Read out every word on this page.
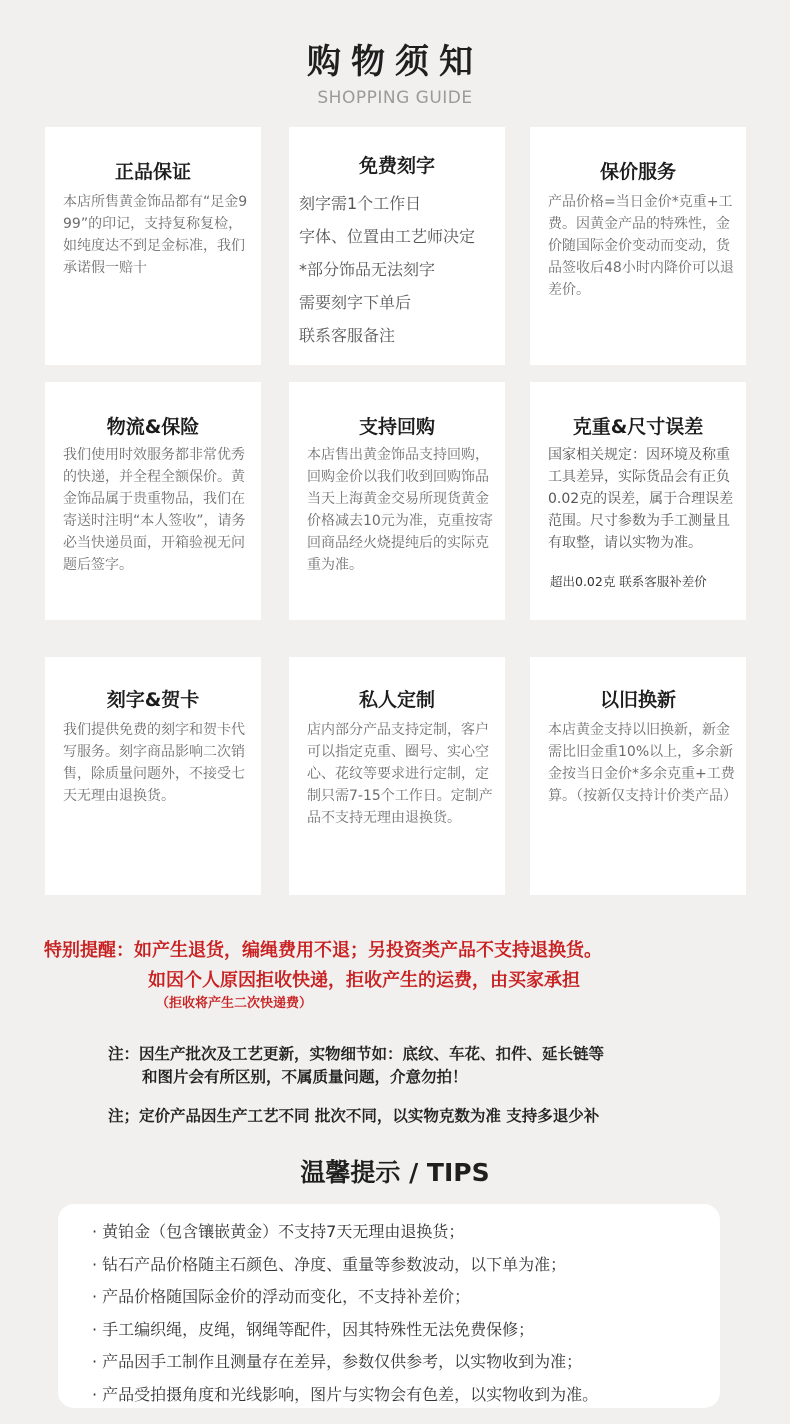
购物须知
SHOPPING GUIDE
正品保证
本店所售黄金饰品都有“足金999”的印记，支持复称复检，如纯度达不到足金标准，我们承诺假一赔十
免费刻字
刻字需1个工作日
字体、位置由工艺师决定
*部分饰品无法刻字
需要刻字下单后
联系客服备注
保价服务
产品价格=当日金价*克重+工费。因黄金产品的特殊性，金价随国际金价变动而变动，货品签收后48小时内降价可以退差价。
物流&保险
我们使用时效服务都非常优秀的快递，并全程全额保价。黄金饰品属于贵重物品，我们在寄送时注明“本人签收”，请务必当快递员面，开箱验视无问题后签字。
支持回购
本店售出黄金饰品支持回购，回购金价以我们收到回购饰品当天上海黄金交易所现货黄金价格减去10元为准，克重按寄回商品经火烧提纯后的实际克重为准。
克重&尺寸误差
国家相关规定：因环境及称重工具差异，实际货品会有正负0.02克的误差，属于合理误差范围。尺寸参数为手工测量且有取整，请以实物为准。
超出0.02克 联系客服补差价
刻字&贺卡
我们提供免费的刻字和贺卡代写服务。刻字商品影响二次销售，除质量问题外，不接受七天无理由退换货。
私人定制
店内部分产品支持定制，客户可以指定克重、圈号、实心空心、花纹等要求进行定制，定制只需7-15个工作日。定制产品不支持无理由退换货。
以旧换新
本店黄金支持以旧换新，新金需比旧金重10%以上，多余新金按当日金价*多余克重+工费算。（按新仅支持计价类产品）
特别提醒：如产生退货，编绳费用不退；另投资类产品不支持退换货。
如因个人原因拒收快递，拒收产生的运费，由买家承担
（拒收将产生二次快递费）
注：因生产批次及工艺更新，实物细节如：底纹、车花、扣件、延长链等
和图片会有所区别，不属质量问题，介意勿拍！
注；定价产品因生产工艺不同 批次不同，以实物克数为准 支持多退少补
温馨提示 / TIPS
· 黄铂金（包含镶嵌黄金）不支持7天无理由退换货；
· 钻石产品价格随主石颜色、净度、重量等参数波动，以下单为准；
· 产品价格随国际金价的浮动而变化，不支持补差价；
· 手工编织绳，皮绳，钢绳等配件，因其特殊性无法免费保修；
· 产品因手工制作且测量存在差异，参数仅供参考，以实物收到为准；
· 产品受拍摄角度和光线影响，图片与实物会有色差，以实物收到为准。
